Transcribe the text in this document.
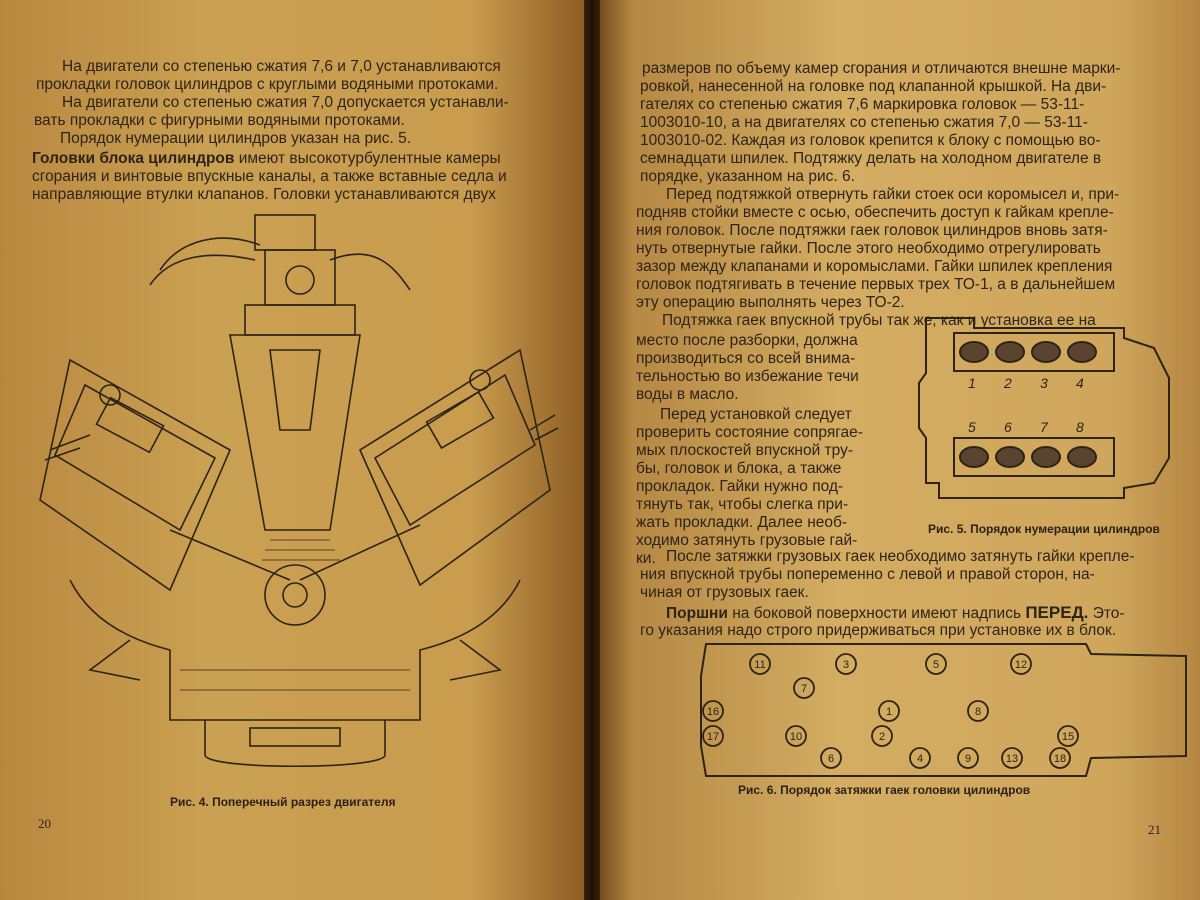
На двигатели со степенью сжатия 7,6 и 7,0 устанавливаются
прокладки головок цилиндров с круглыми водяными протоками.
На двигатели со степенью сжатия 7,0 допускается устанавли-
вать прокладки с фигурными водяными протоками.
Порядок нумерации цилиндров указан на рис. 5.
Головки блока цилиндров имеют высокотурбулентные камеры
сгорания и винтовые впускные каналы, а также вставные седла и
направляющие втулки клапанов. Головки устанавливаются двух
Рис. 4. Поперечный разрез двигателя
20
размеров по объему камер сгорания и отличаются внешне марки-
ровкой, нанесенной на головке под клапанной крышкой. На дви-
гателях со степенью сжатия 7,6 маркировка головок — 53-11-
1003010-10, а на двигателях со степенью сжатия 7,0 — 53-11-
1003010-02. Каждая из головок крепится к блоку с помощью во-
семнадцати шпилек. Подтяжку делать на холодном двигателе в
порядке, указанном на рис. 6.
Перед подтяжкой отвернуть гайки стоек оси коромысел и, при-
подняв стойки вместе с осью, обеспечить доступ к гайкам крепле-
ния головок. После подтяжки гаек головок цилиндров вновь затя-
нуть отвернутые гайки. После этого необходимо отрегулировать
зазор между клапанами и коромыслами. Гайки шпилек крепления
головок подтягивать в течение первых трех ТО-1, а в дальнейшем
эту операцию выполнять через ТО-2.
Подтяжка гаек впускной трубы так же, как и установка ее на
место после разборки, должна
производиться со всей внима-
тельностью во избежание течи
воды в масло.
Перед установкой следует
проверить состояние сопрягае-
мых плоскостей впускной тру-
бы, головок и блока, а также
прокладок. Гайки нужно под-
тянуть так, чтобы слегка при-
жать прокладки. Далее необ-
ходимо затянуть грузовые гай-
ки.
1 2 3 4
5 6 7 8
Рис. 5. Порядок нумерации цилиндров
После затяжки грузовых гаек необходимо затянуть гайки крепле-
ния впускной трубы попеременно с левой и правой сторон, на-
чиная от грузовых гаек.
Поршни на боковой поверхности имеют надпись ПЕРЕД. Это-
го указания надо строго придерживаться при установке их в блок.
11	3	5	12
16
7
1	8
15
17	10	2
9	18
6	4	13
Рис. 6. Порядок затяжки гаек головки цилиндров
21
